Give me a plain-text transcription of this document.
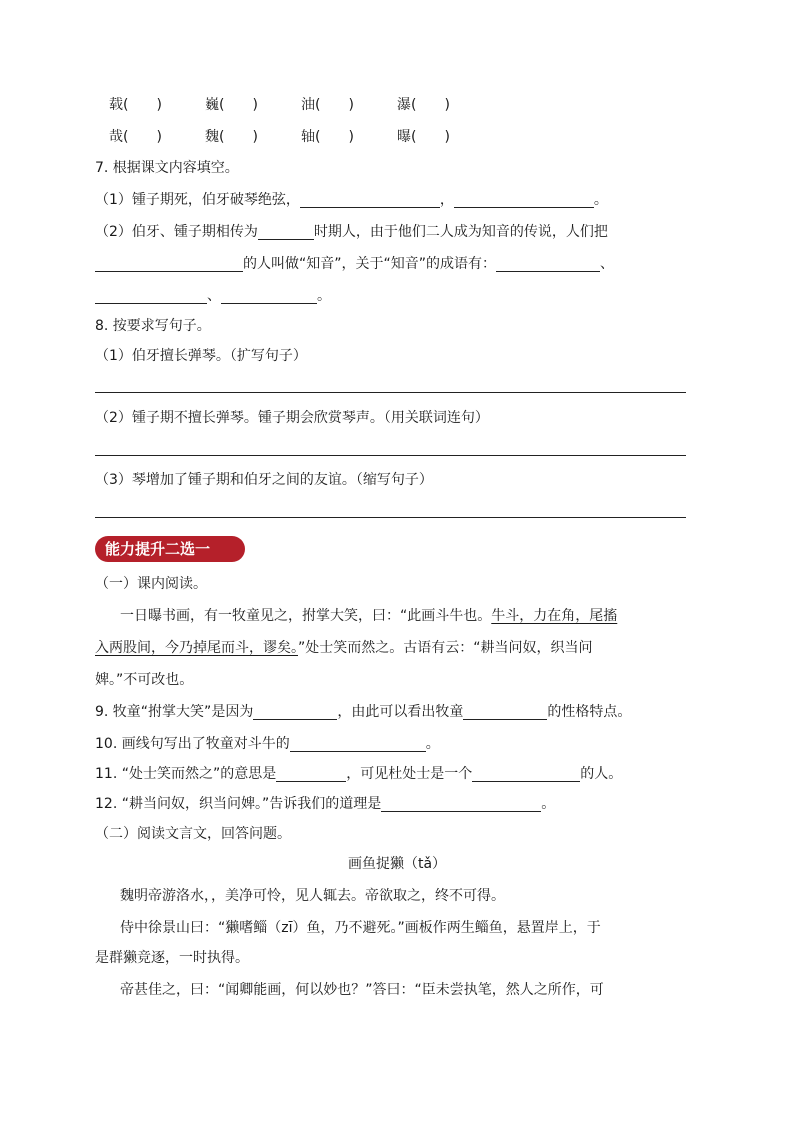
载(　　)	巍(　　)	油(　　)	瀑(　　)
哉(　　)	魏(　　)	轴(　　)	曝(　　)
7. 根据课文内容填空。
（1）锺子期死，伯牙破琴绝弦，	，	。
（2）伯牙、锺子期相传为	时期人，由于他们二人成为知音的传说，人们把
的人叫做“知音”，关于“知音”的成语有：	、
、	。
8. 按要求写句子。
（1）伯牙擅长弹琴。（扩写句子）
（2）锺子期不擅长弹琴。锺子期会欣赏琴声。（用关联词连句）
（3）琴增加了锺子期和伯牙之间的友谊。（缩写句子）
能力提升二选一
（一）课内阅读。
一日曝书画，有一牧童见之，拊掌大笑，曰：“此画斗牛也。牛斗，力在角，尾搐
入两股间，今乃掉尾而斗，谬矣。”处士笑而然之。古语有云：“耕当问奴，织当问
婢。”不可改也。
9. 牧童“拊掌大笑”是因为	，由此可以看出牧童	的性格特点。
10. 画线句写出了牧童对斗牛的	。
11. “处士笑而然之”的意思是	，可见杜处士是一个	的人。
12. “耕当问奴，织当问婢。”告诉我们的道理是	。
（二）阅读文言文，回答问题。
画鱼捉獭（tǎ）
魏明帝游洛水，，美净可怜，见人辄去。帝欲取之，终不可得。
侍中徐景山曰：“獭嗜鲻（zī）鱼，乃不避死。”画板作两生鲻鱼，悬置岸上，于
是群獭竞逐，一时执得。
帝甚佳之，曰：“闻卿能画，何以妙也？”答曰：“臣未尝执笔，然人之所作，可
